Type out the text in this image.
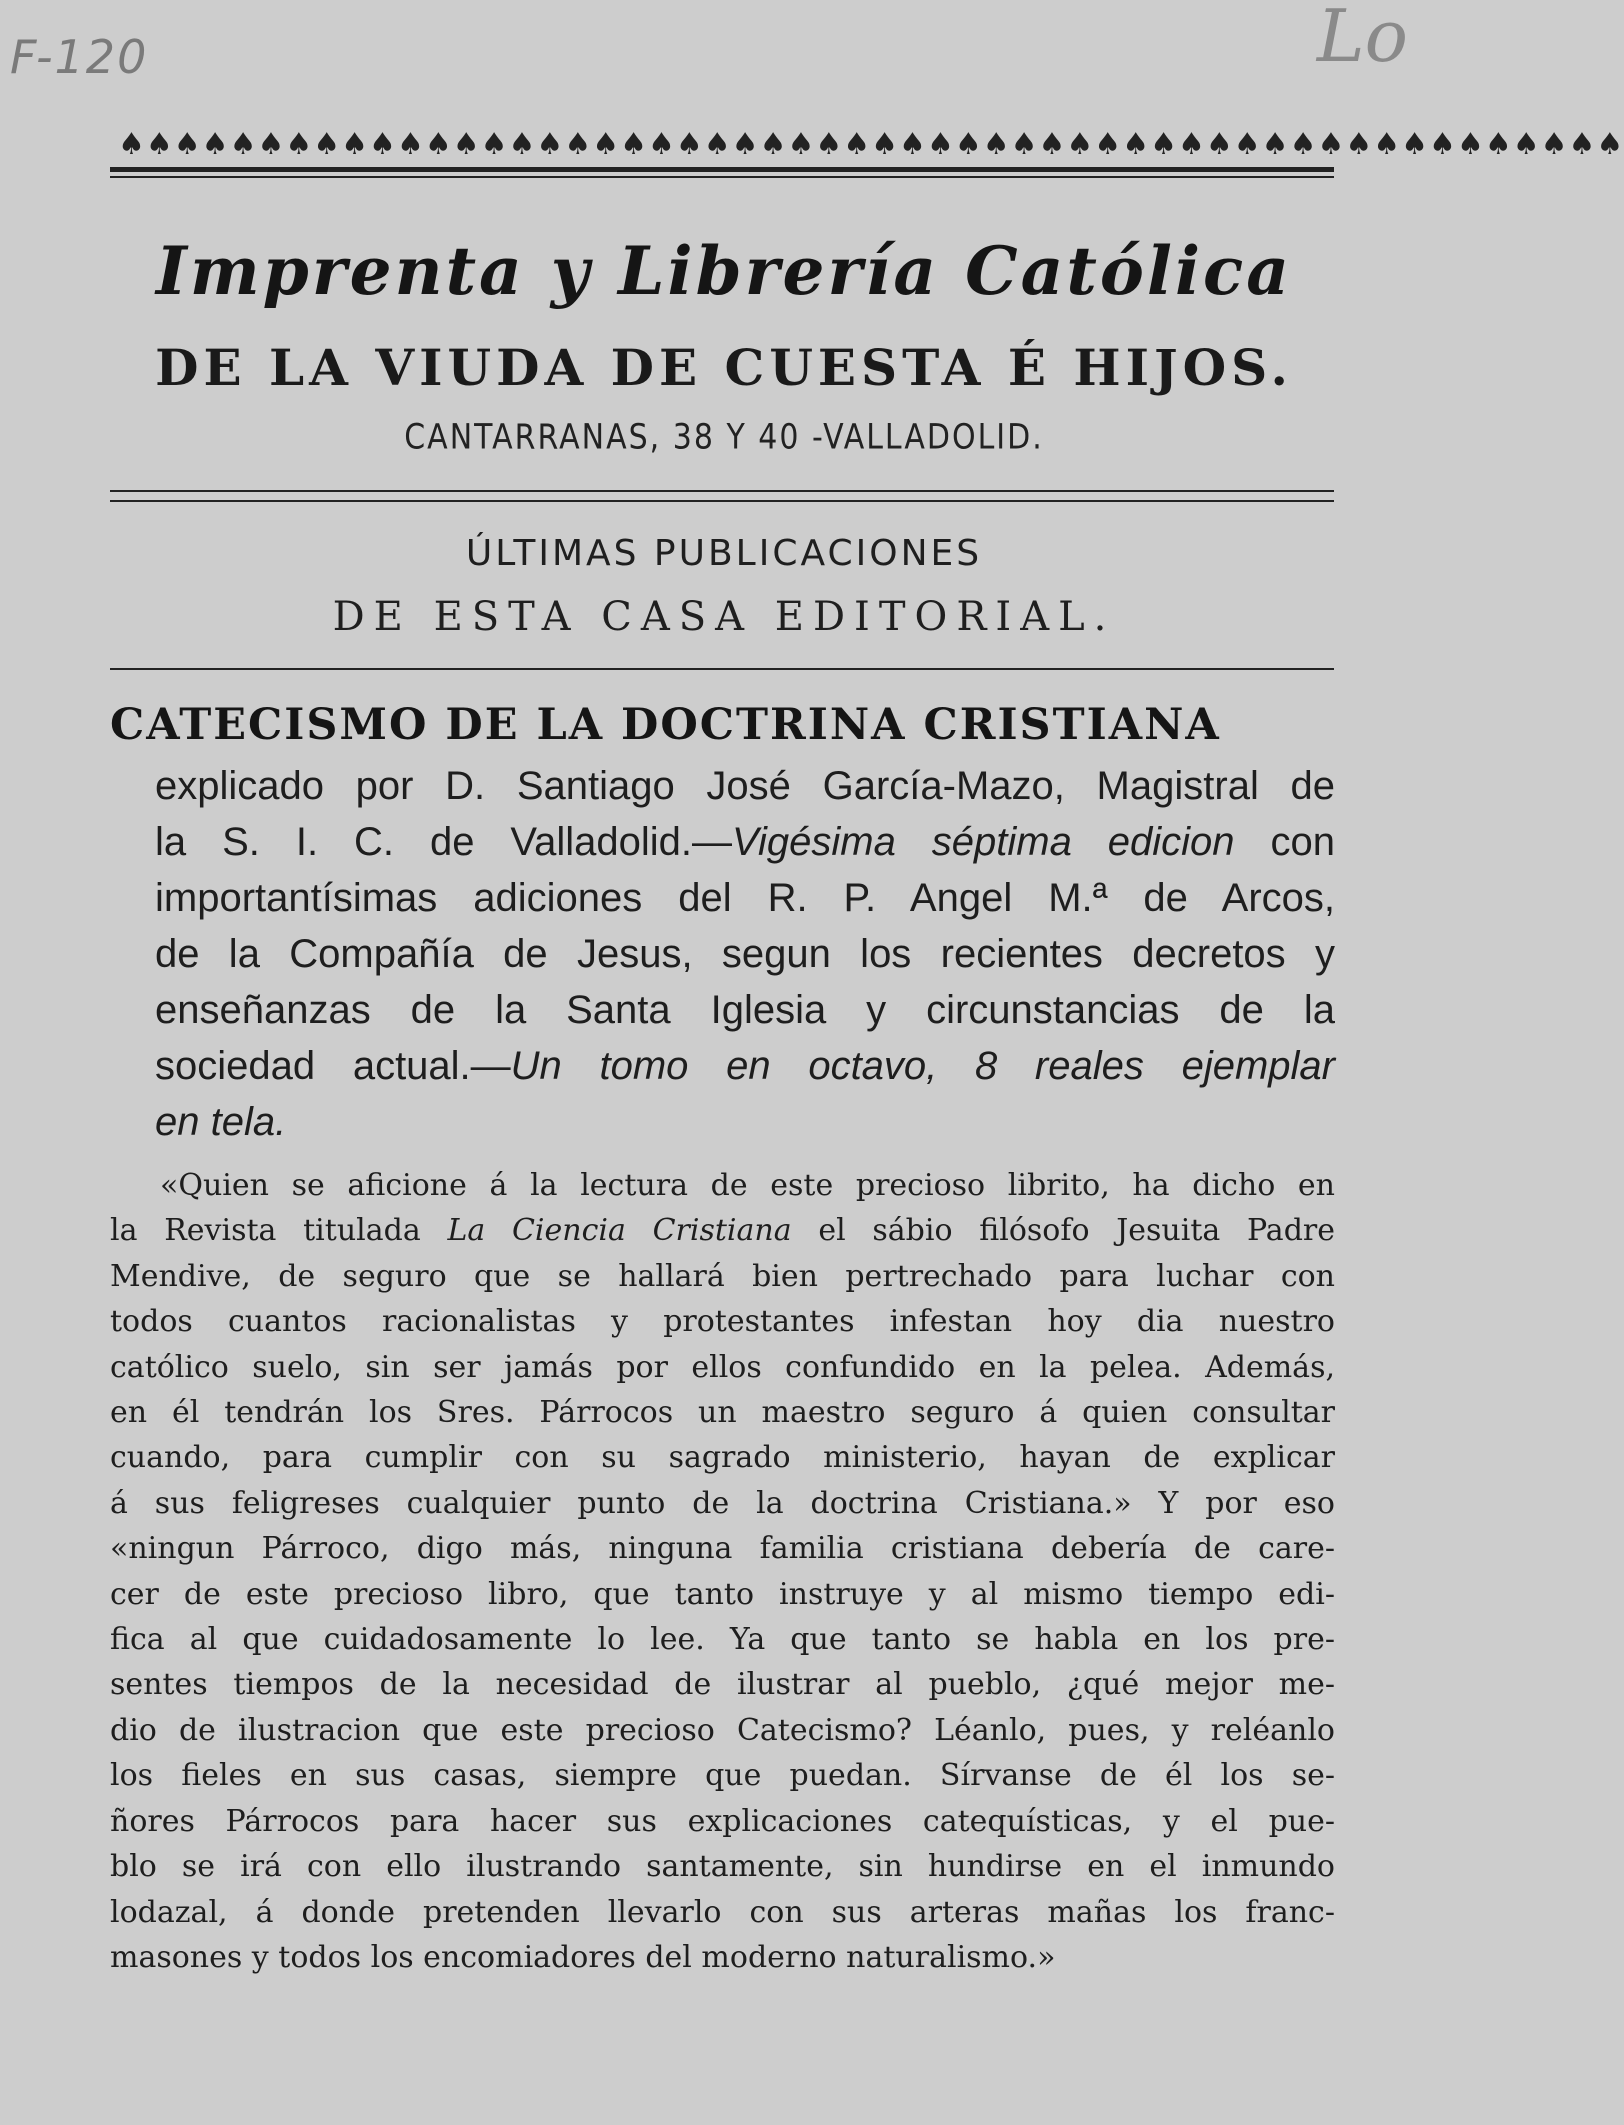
F-120	Lo
♠♠♠♠♠♠♠♠♠♠♠♠♠♠♠♠♠♠♠♠♠♠♠♠♠♠♠♠♠♠♠♠♠♠♠♠♠♠♠♠♠♠♠♠♠♠♠♠♠♠♠♠♠♠
Imprenta y Librería Católica
DE LA VIUDA DE CUESTA É HIJOS.
CANTARRANAS, 38 Y 40 -VALLADOLID.
ÚLTIMAS PUBLICACIONES
DE ESTA CASA EDITORIAL.
CATECISMO DE LA DOCTRINA CRISTIANA
explicado por D. Santiago José García-Mazo, Magistral de
la S. I. C. de Valladolid.—Vigésima séptima edicion con
importantísimas adiciones del R. P. Angel M.ª de Arcos,
de la Compañía de Jesus, segun los recientes decretos y
enseñanzas de la Santa Iglesia y circunstancias de la
sociedad actual.—Un tomo en octavo, 8 reales ejemplar
en tela.
«Quien se aficione á la lectura de este precioso librito, ha dicho en
la Revista titulada La Ciencia Cristiana el sábio filósofo Jesuita Padre
Mendive, de seguro que se hallará bien pertrechado para luchar con
todos cuantos racionalistas y protestantes infestan hoy dia nuestro
católico suelo, sin ser jamás por ellos confundido en la pelea. Además,
en él tendrán los Sres. Párrocos un maestro seguro á quien consultar
cuando, para cumplir con su sagrado ministerio, hayan de explicar
á sus feligreses cualquier punto de la doctrina Cristiana.» Y por eso
«ningun Párroco, digo más, ninguna familia cristiana debería de care-
cer de este precioso libro, que tanto instruye y al mismo tiempo edi-
fica al que cuidadosamente lo lee. Ya que tanto se habla en los pre-
sentes tiempos de la necesidad de ilustrar al pueblo, ¿qué mejor me-
dio de ilustracion que este precioso Catecismo? Léanlo, pues, y reléanlo
los fieles en sus casas, siempre que puedan. Sírvanse de él los se-
ñores Párrocos para hacer sus explicaciones catequísticas, y el pue-
blo se irá con ello ilustrando santamente, sin hundirse en el inmundo
lodazal, á donde pretenden llevarlo con sus arteras mañas los franc-
masones y todos los encomiadores del moderno naturalismo.»
